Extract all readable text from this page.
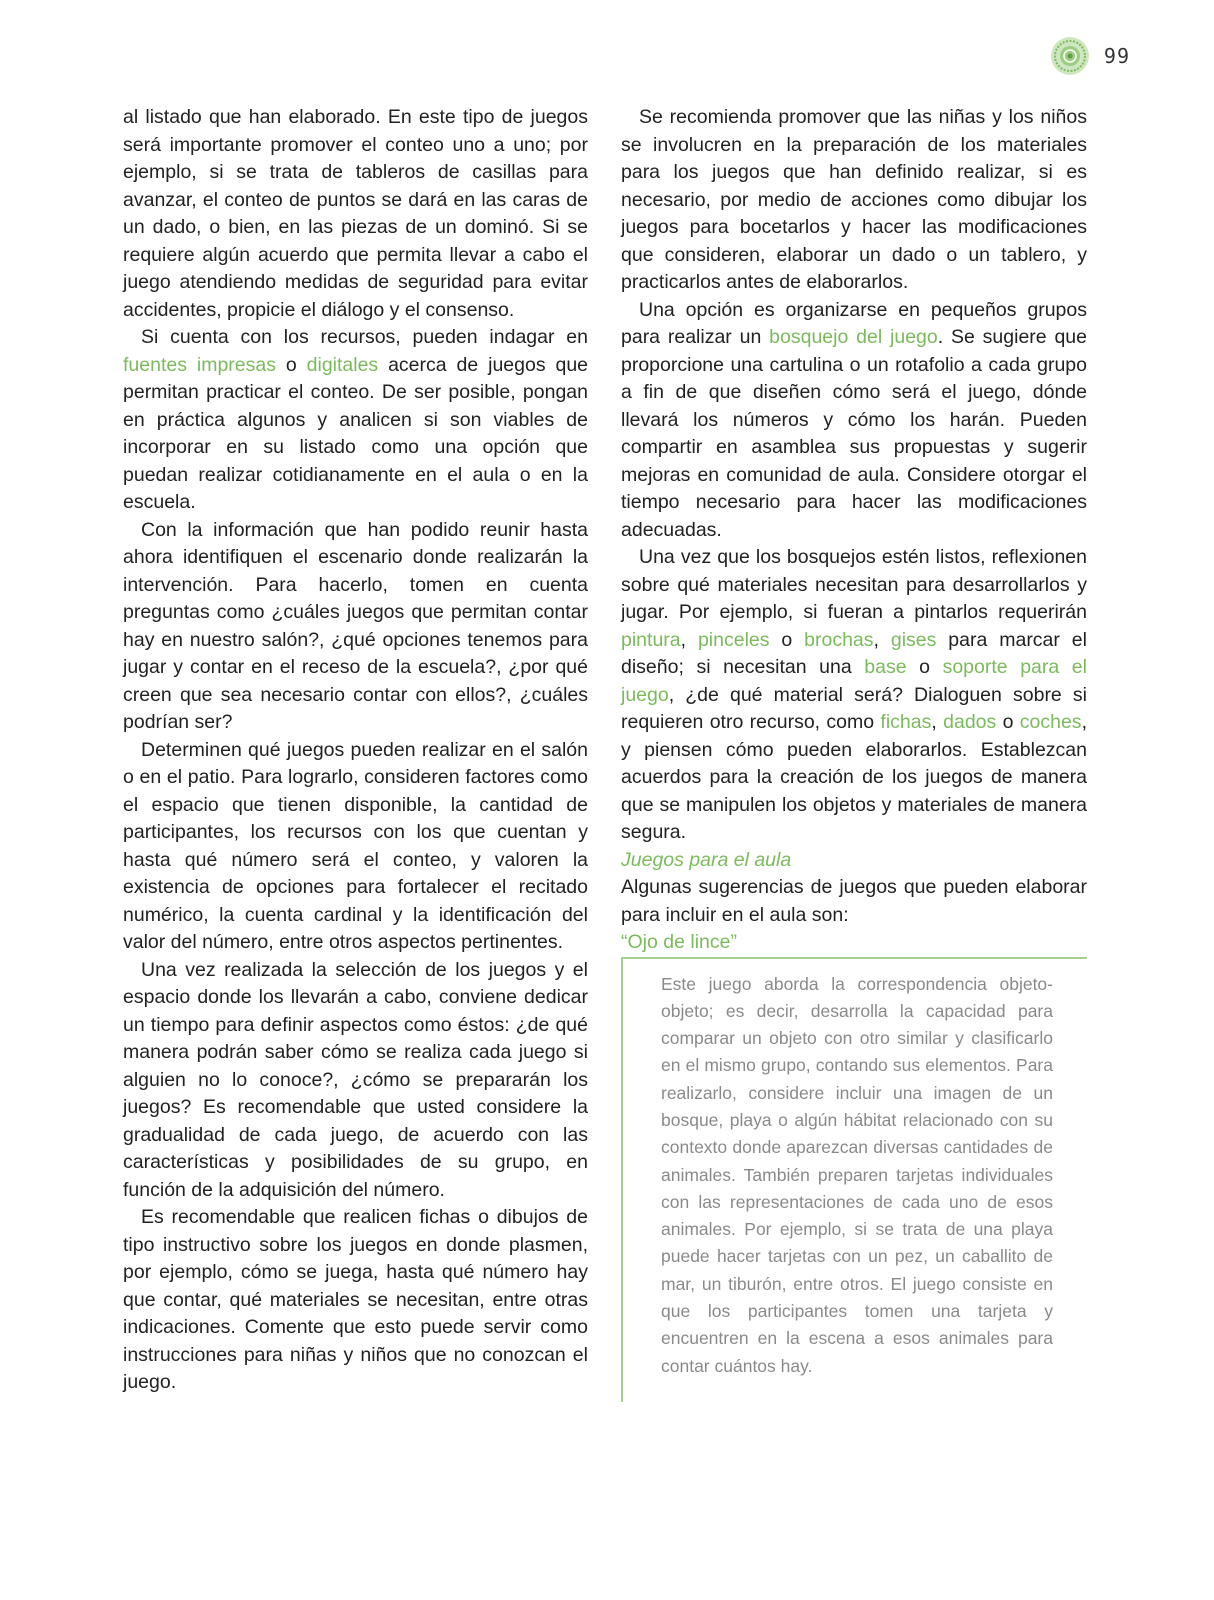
99

al listado que han elaborado. En este tipo de juegos será importante promover el conteo uno a uno; por ejemplo, si se trata de tableros de casillas para avanzar, el conteo de puntos se dará en las caras de un dado, o bien, en las piezas de un dominó. Si se requiere algún acuerdo que permita llevar a cabo el juego atendiendo medidas de seguridad para evitar accidentes, propicie el diálogo y el consenso.

Si cuenta con los recursos, pueden indagar en fuentes impresas o digitales acerca de juegos que permitan practicar el conteo. De ser posible, pongan en práctica algunos y analicen si son viables de incorporar en su listado como una opción que puedan realizar cotidianamente en el aula o en la escuela.

Con la información que han podido reunir hasta ahora identifiquen el escenario donde realizarán la intervención. Para hacerlo, tomen en cuenta preguntas como ¿cuáles juegos que permitan contar hay en nuestro salón?, ¿qué opciones tenemos para jugar y contar en el receso de la escuela?, ¿por qué creen que sea necesario contar con ellos?, ¿cuáles podrían ser?

Determinen qué juegos pueden realizar en el salón o en el patio. Para lograrlo, consideren factores como el espacio que tienen disponible, la cantidad de participantes, los recursos con los que cuentan y hasta qué número será el conteo, y valoren la existencia de opciones para fortalecer el recitado numérico, la cuenta cardinal y la identificación del valor del número, entre otros aspectos pertinentes.

Una vez realizada la selección de los juegos y el espacio donde los llevarán a cabo, conviene dedicar un tiempo para definir aspectos como éstos: ¿de qué manera podrán saber cómo se realiza cada juego si alguien no lo conoce?, ¿cómo se prepararán los juegos? Es recomendable que usted considere la gradualidad de cada juego, de acuerdo con las características y posibilidades de su grupo, en función de la adquisición del número.

Es recomendable que realicen fichas o dibujos de tipo instructivo sobre los juegos en donde plasmen, por ejemplo, cómo se juega, hasta qué número hay que contar, qué materiales se necesitan, entre otras indicaciones. Comente que esto puede servir como instrucciones para niñas y niños que no conozcan el juego.

Se recomienda promover que las niñas y los niños se involucren en la preparación de los materiales para los juegos que han definido realizar, si es necesario, por medio de acciones como dibujar los juegos para bocetarlos y hacer las modificaciones que consideren, elaborar un dado o un tablero, y practicarlos antes de elaborarlos.

Una opción es organizarse en pequeños grupos para realizar un bosquejo del juego. Se sugiere que proporcione una cartulina o un rotafolio a cada grupo a fin de que diseñen cómo será el juego, dónde llevará los números y cómo los harán. Pueden compartir en asamblea sus propuestas y sugerir mejoras en comunidad de aula. Considere otorgar el tiempo necesario para hacer las modificaciones adecuadas.

Una vez que los bosquejos estén listos, reflexionen sobre qué materiales necesitan para desarrollarlos y jugar. Por ejemplo, si fueran a pintarlos requerirán pintura, pinceles o brochas, gises para marcar el diseño; si necesitan una base o soporte para el juego, ¿de qué material será? Dialoguen sobre si requieren otro recurso, como fichas, dados o coches, y piensen cómo pueden elaborarlos. Establezcan acuerdos para la creación de los juegos de manera que se manipulen los objetos y materiales de manera segura.

Juegos para el aula

Algunas sugerencias de juegos que pueden elaborar para incluir en el aula son:

“Ojo de lince”

Este juego aborda la correspondencia objeto-objeto; es decir, desarrolla la capacidad para comparar un objeto con otro similar y clasificarlo en el mismo grupo, contando sus elementos. Para realizarlo, considere incluir una imagen de un bosque, playa o algún hábitat relacionado con su contexto donde aparezcan diversas cantidades de animales. También preparen tarjetas individuales con las representaciones de cada uno de esos animales. Por ejemplo, si se trata de una playa puede hacer tarjetas con un pez, un caballito de mar, un tiburón, entre otros. El juego consiste en que los participantes tomen una tarjeta y encuentren en la escena a esos animales para contar cuántos hay.
